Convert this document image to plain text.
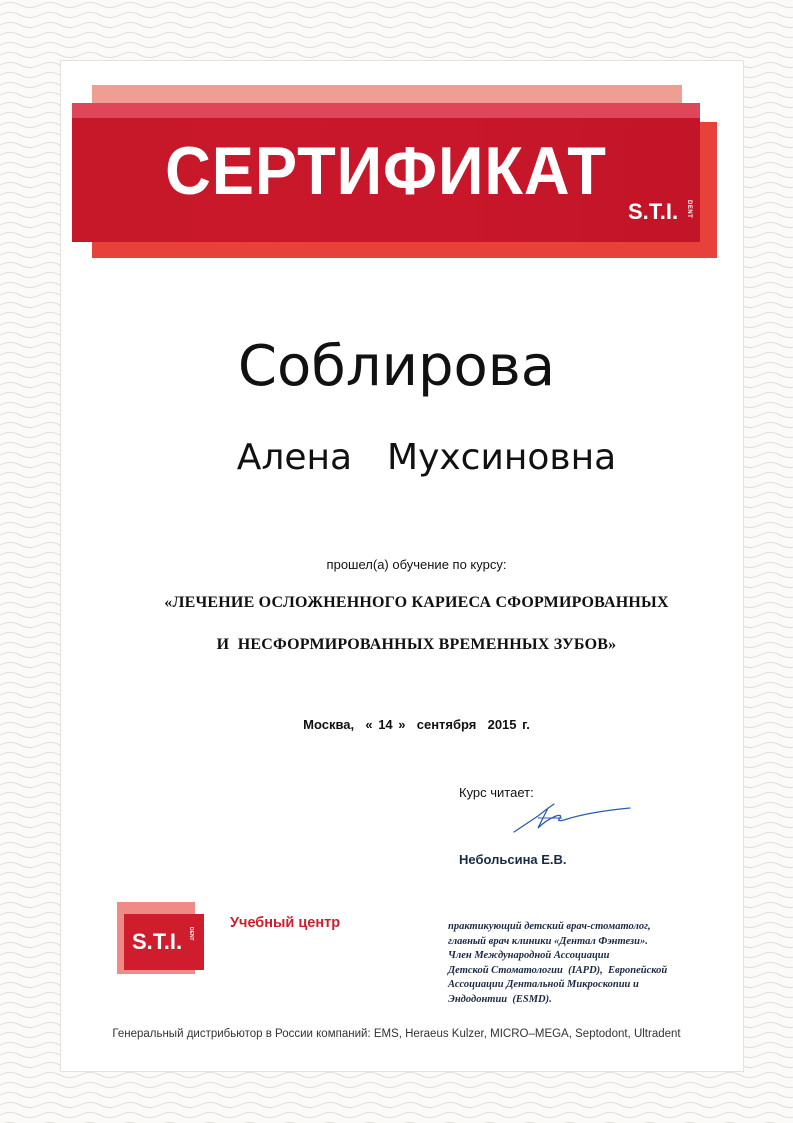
СЕРТИФИКАТ
S.T.I.	DENT
Соблирова
Алена  Мухсиновна
прошел(а) обучение по курсу:
«ЛЕЧЕНИЕ ОСЛОЖНЕННОГО КАРИЕСА СФОРМИРОВАННЫХ
И  НЕСФОРМИРОВАННЫХ ВРЕМЕННЫХ ЗУБОВ»
Москва,  « 14 »  сентября  2015 г.
Курс читает:
Небольсина Е.В.
S.T.I. DENT
Учебный центр	практикующий детский врач-стоматолог,
главный врач клиники «Дентал Фэнтези».
Член Международной Ассоциации
Детской Стоматологии  (IAPD),  Европейской
Ассоциации Дентальной Микроскопии и
Эндодонтии  (ESMD).
Генеральный дистрибьютор в России компаний: EMS, Heraeus Kulzer, MICRO–MEGA, Septodont, Ultradent
